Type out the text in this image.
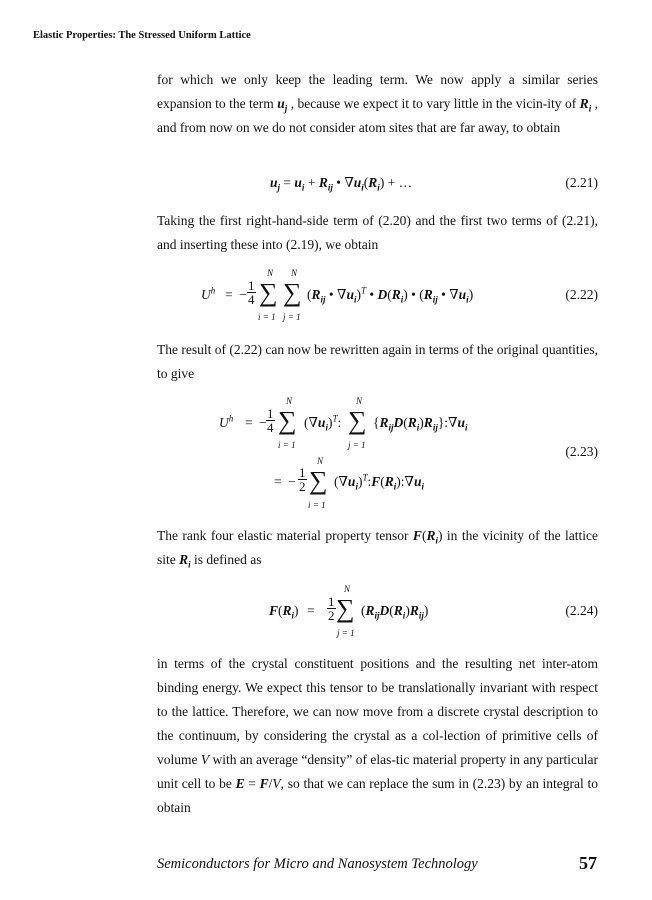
Elastic Properties: The Stressed Uniform Lattice

for which we only keep the leading term. We now apply a similar series expansion to the term $u_j$ , because we expect it to vary little in the vicin-ity of $R_i$ , and from now on we do not consider atom sites that are far away, to obtain

$u_j = u_i + R_{ij}$ • $\nabla u_i(R_i)$ + …	(2.21)

Taking the first right-hand-side term of (2.20) and the first two terms of (2.21), and inserting these into (2.19), we obtain

$U^h$ = − $\frac{1}{4}$
N
∑
i = 1
N
∑
j = 1
($R_{ij}$ • $\nabla u_i)^T$ • $D(R_i)$ • ($R_{ij}$ • $\nabla u_i$)	(2.22)

The result of (2.22) can now be rewritten again in terms of the original quantities, to give

$U^h$ = − $\frac{1}{4}$
N
∑
i = 1
$(\nabla u_i)^T$:
N
∑
j = 1
$\{R_{ij}D(R_i)R_{ij}\}:\nabla u_i$
(2.23)
= − $\frac{1}{2}$
N
∑
i = 1
$(\nabla u_i)^T:F(R_i):\nabla u_i$

The rank four elastic material property tensor $F(R_i)$ in the vicinity of the lattice site $R_i$ is defined as

$F(R_i) = \frac{1}{2}$
N
∑
j = 1
$(R_{ij}D(R_i)R_{ij})$	(2.24)

in terms of the crystal constituent positions and the resulting net inter-atom binding energy. We expect this tensor to be translationally invariant with respect to the lattice. Therefore, we can now move from a discrete crystal description to the continuum, by considering the crystal as a col-lection of primitive cells of volume V with an average “density” of elas-tic material property in any particular unit cell to be E = F/V, so that we can replace the sum in (2.23) by an integral to obtain

Semiconductors for Micro and Nanosystem Technology	57
